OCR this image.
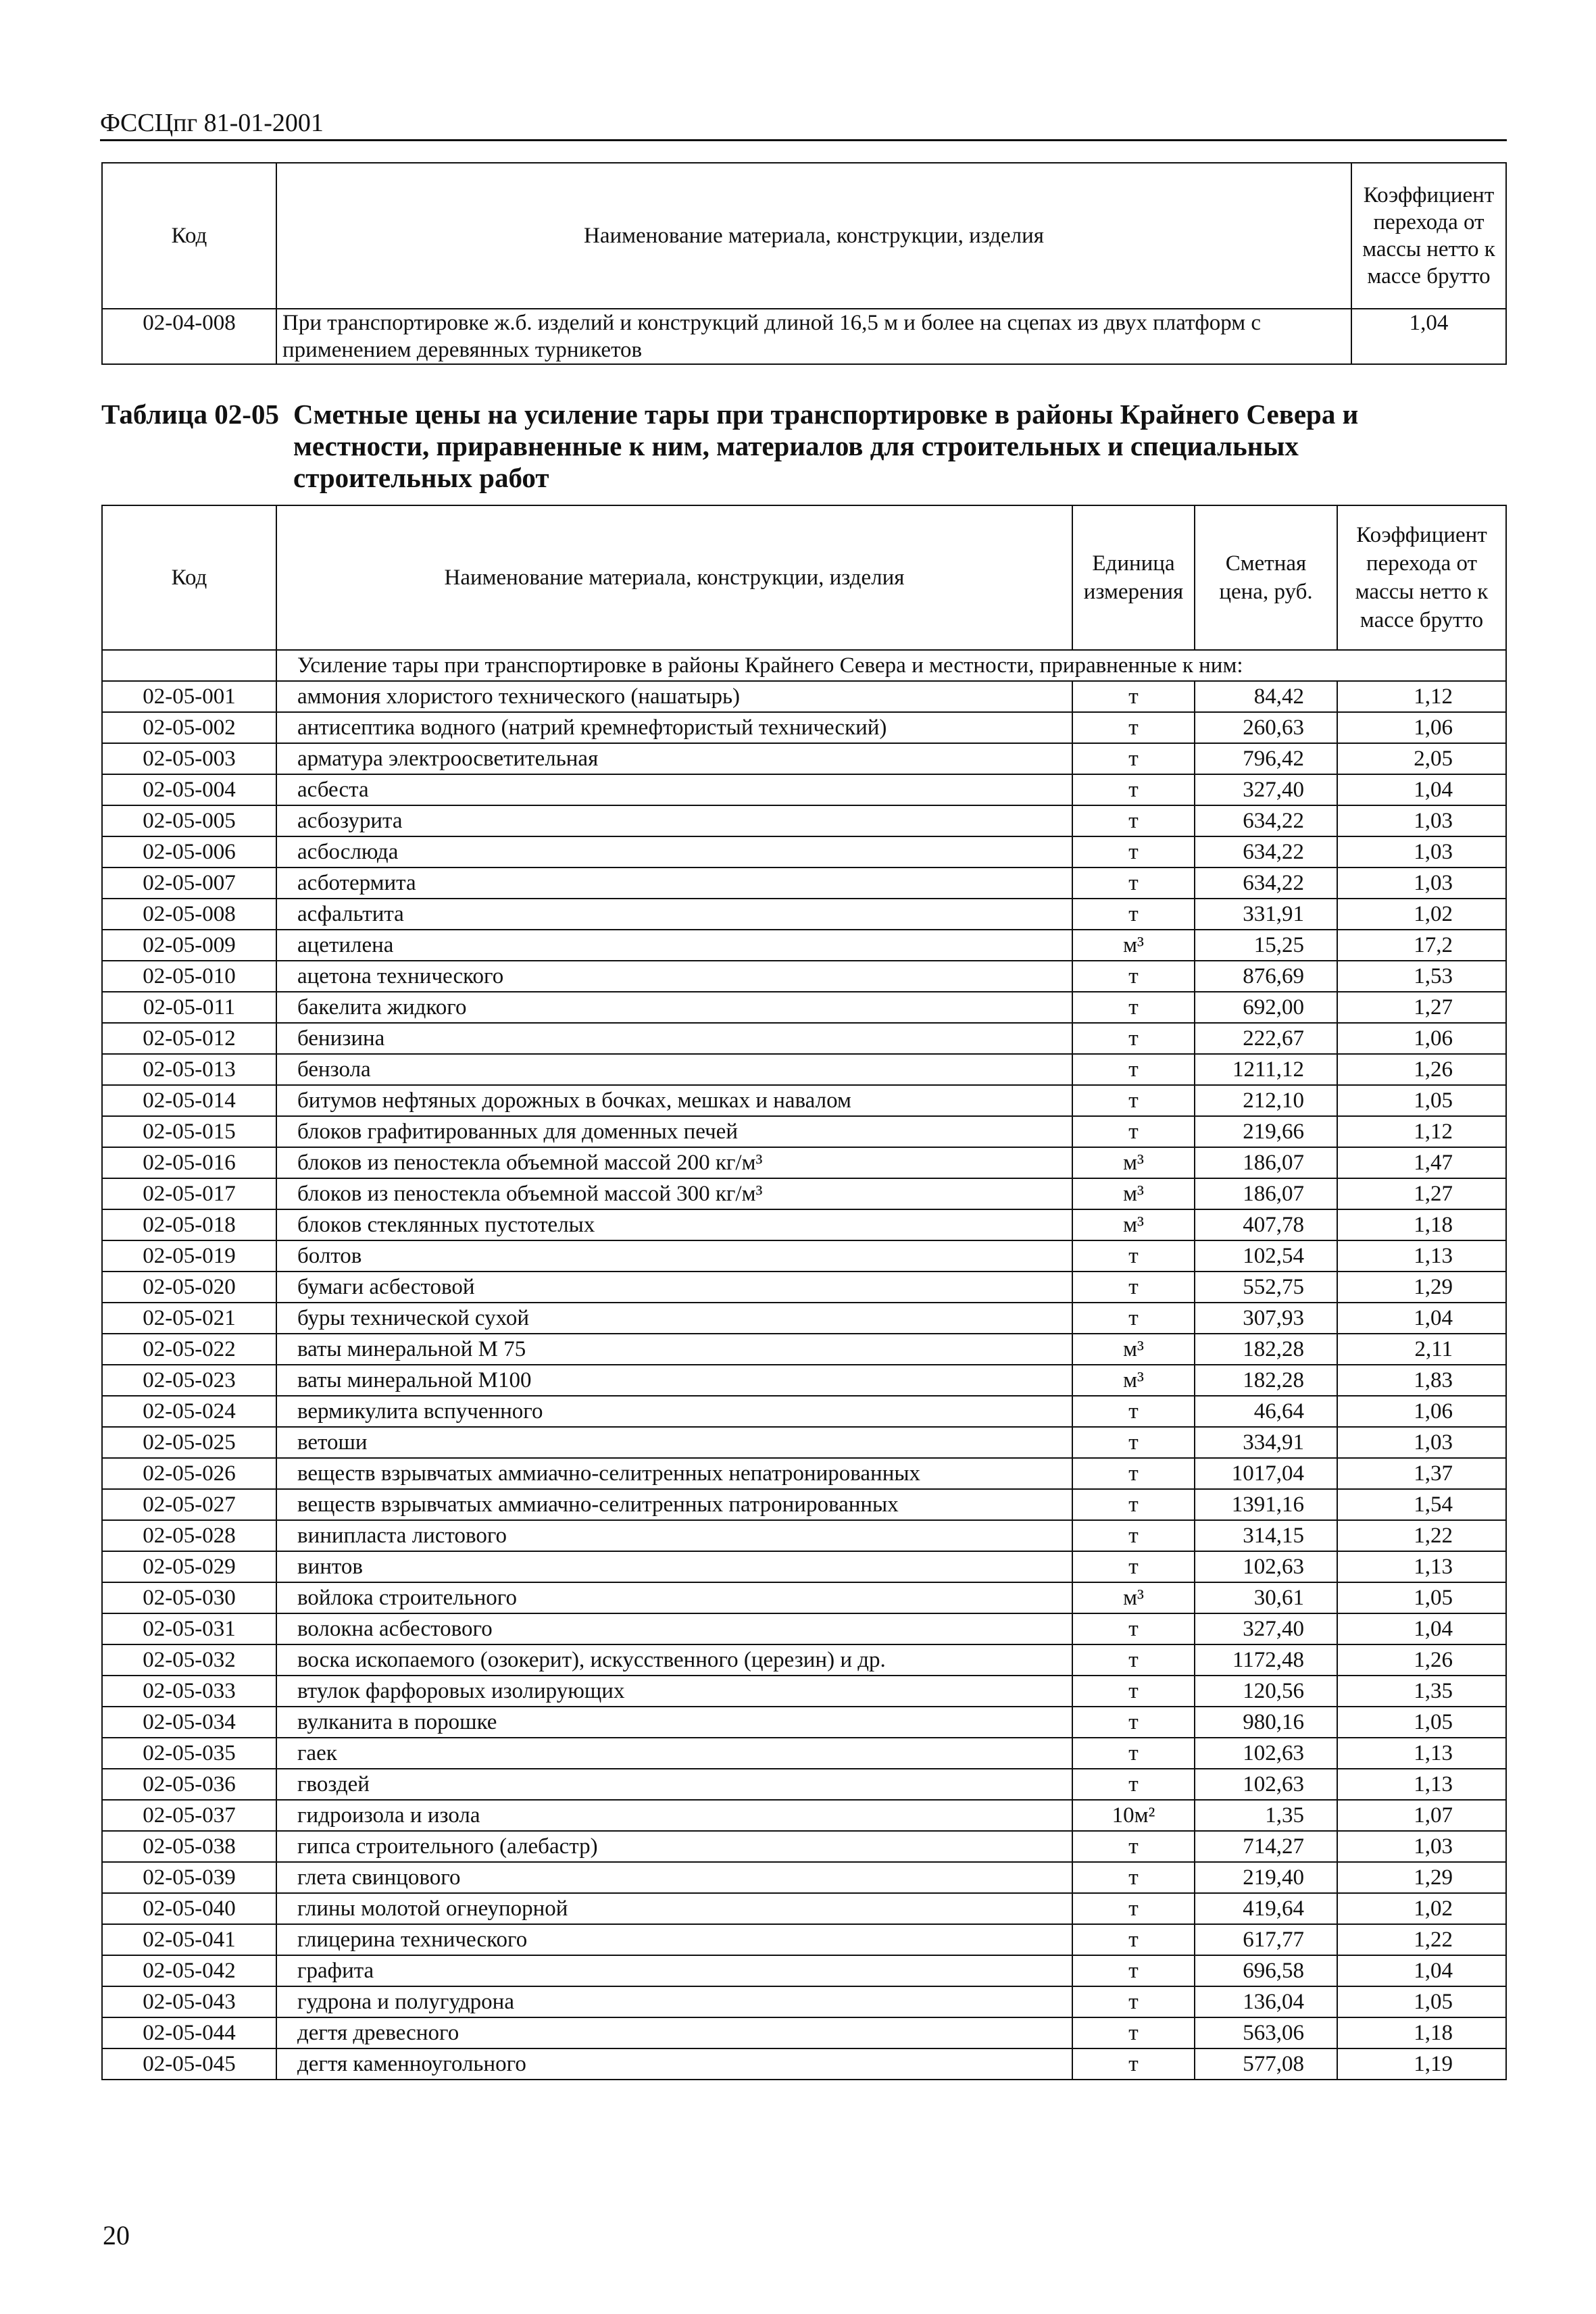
ФССЦпг 81-01-2001
Код	Наименование материала, конструкции, изделия	Коэффициент перехода от массы нетто к массе брутто
02-04-008	При транспортировке ж.б. изделий и конструкций длиной 16,5 м и более на сцепах из двух платформ с применением деревянных турникетов	1,04
Таблица 02-05 Сметные цены на усиление тары при транспортировке в районы Крайнего Севера и
местности, приравненные к ним, материалов для строительных и специальных
строительных работ
Код	Наименование материала, конструкции, изделия	Единица измерения	Сметная цена, руб.	Коэффициент перехода от массы нетто к массе брутто
	Усиление тары при транспортировке в районы Крайнего Севера и местности, приравненные к ним:			
02-05-001	аммония хлористого технического (нашатырь)	т	84,42	1,12
02-05-002	антисептика водного (натрий кремнефтористый технический)	т	260,63	1,06
02-05-003	арматура электроосветительная	т	796,42	2,05
02-05-004	асбеста	т	327,40	1,04
02-05-005	асбозурита	т	634,22	1,03
02-05-006	асбослюда	т	634,22	1,03
02-05-007	асботермита	т	634,22	1,03
02-05-008	асфальтита	т	331,91	1,02
02-05-009	ацетилена	м³	15,25	17,2
02-05-010	ацетона технического	т	876,69	1,53
02-05-011	бакелита жидкого	т	692,00	1,27
02-05-012	бенизина	т	222,67	1,06
02-05-013	бензола	т	1211,12	1,26
02-05-014	битумов нефтяных дорожных в бочках, мешках и навалом	т	212,10	1,05
02-05-015	блоков графитированных для доменных печей	т	219,66	1,12
02-05-016	блоков из пеностекла объемной массой 200 кг/м³	м³	186,07	1,47
02-05-017	блоков из пеностекла объемной массой 300 кг/м³	м³	186,07	1,27
02-05-018	блоков стеклянных пустотелых	м³	407,78	1,18
02-05-019	болтов	т	102,54	1,13
02-05-020	бумаги асбестовой	т	552,75	1,29
02-05-021	буры технической сухой	т	307,93	1,04
02-05-022	ваты минеральной М 75	м³	182,28	2,11
02-05-023	ваты минеральной М100	м³	182,28	1,83
02-05-024	вермикулита вспученного	т	46,64	1,06
02-05-025	ветоши	т	334,91	1,03
02-05-026	веществ взрывчатых аммиачно-селитренных непатронированных	т	1017,04	1,37
02-05-027	веществ взрывчатых аммиачно-селитренных патронированных	т	1391,16	1,54
02-05-028	винипласта листового	т	314,15	1,22
02-05-029	винтов	т	102,63	1,13
02-05-030	войлока строительного	м³	30,61	1,05
02-05-031	волокна асбестового	т	327,40	1,04
02-05-032	воска ископаемого (озокерит), искусственного (церезин) и др.	т	1172,48	1,26
02-05-033	втулок фарфоровых изолирующих	т	120,56	1,35
02-05-034	вулканита в порошке	т	980,16	1,05
02-05-035	гаек	т	102,63	1,13
02-05-036	гвоздей	т	102,63	1,13
02-05-037	гидроизола и изола	10м²	1,35	1,07
02-05-038	гипса строительного (алебастр)	т	714,27	1,03
02-05-039	глета свинцового	т	219,40	1,29
02-05-040	глины молотой огнеупорной	т	419,64	1,02
02-05-041	глицерина технического	т	617,77	1,22
02-05-042	графита	т	696,58	1,04
02-05-043	гудрона и полугудрона	т	136,04	1,05
02-05-044	дегтя древесного	т	563,06	1,18
02-05-045	дегтя каменноугольного	т	577,08	1,19
20
